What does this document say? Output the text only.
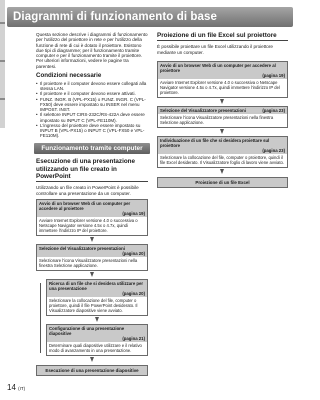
Diagrammi di funzionamento di base

Questa sezione descrive i diagrammi di funzionamento per l'utilizzo del proiettore in rete e per l'utilizzo della funzione di rete di cui è dotato il proiettore. Esistono due tipi di diagramme; per il funzionamento tramite computer e per il funzionamento tramite il proiettore. Per ulteriori informazioni, vedere le pagine tra parentesi.

Condizioni necessarie
• Il proiettore e il computer devono essere collegati alla stessa LAN.
• Il proiettore e il computer devono essere attivati.
• FUNZ. INGR. B (VPL-PX15) o FUNZ. INGR. C (VPL-FX50) deve essere impostato su INSER nel menu IMPOST. INST.
• Il selettore INPUT CIRS-232C/RS-422A deve essere impostato su INPUT C (VPL-FE110M).
• L'ingresso del proiettore deve essere impostato su INPUT B (VPL-PX15) o INPUT C (VPL-FX50 e VPL-FE110M).
Funzionamento tramite computer
Esecuzione di una presentazione utilizzando un file creato in PowerPoint

Utilizzando un file creato in PowerPoint è possibile controllare una presentazione da un computer.

Avvio di un browser Web di un computer per accedere al proiettore
(pagina 19)
Avviare Internet Explorer versione 4.0 o successiva o Netscape Navigator versione 4.5x o 4.7x, quindi immettere l'indirizzo IP del proiettore.
Selezione del Visualizzatore presentazioni
(pagina 20)
Selezionare l'icona Visualizzatore presentazioni nella finestra Selezione applicazione.
Ricerca di un file che si desidera utilizzare per una presentazione
(pagina 20)
Selezionare la collocazione del file, computer o proiettore, quindi il file PowerPoint desiderato. Il Visualizzatore diapositive viene avviato.
Configurazione di una presentazione diapositive
(pagina 21)
Determinare quali diapositive utilizzare e il relativo modo di avanzamento in una presentazione.
Esecuzione di una presentazione diapositive
Proiezione di un file Excel sul proiettore

È possibile proiettare un file Excel utilizzando il proiettore mediante un computer.

Avvio di un browser Web di un computer per accedere al proiettore
(pagina 19)
Avviare Internet Explorer versione 4.0 o successiva o Netscape Navigator versione 4.5x o 4.7x, quindi immettere l'indirizzo IP del proiettore.
Selezione del Visualizzatore presentazioni	(pagina 23)
Selezionare l'icona Visualizzatore presentazioni nella finestra Selezione applicazione.
Individuazione di un file che si desidera proiettare sul proiettore
(pagina 23)
Selezionare la collocazione del file, computer o proiettore, quindi il file Excel desiderato. Il Visualizzatore foglio di lavoro viene avviato.
Proiezione di un file Excel
14 (IT)
